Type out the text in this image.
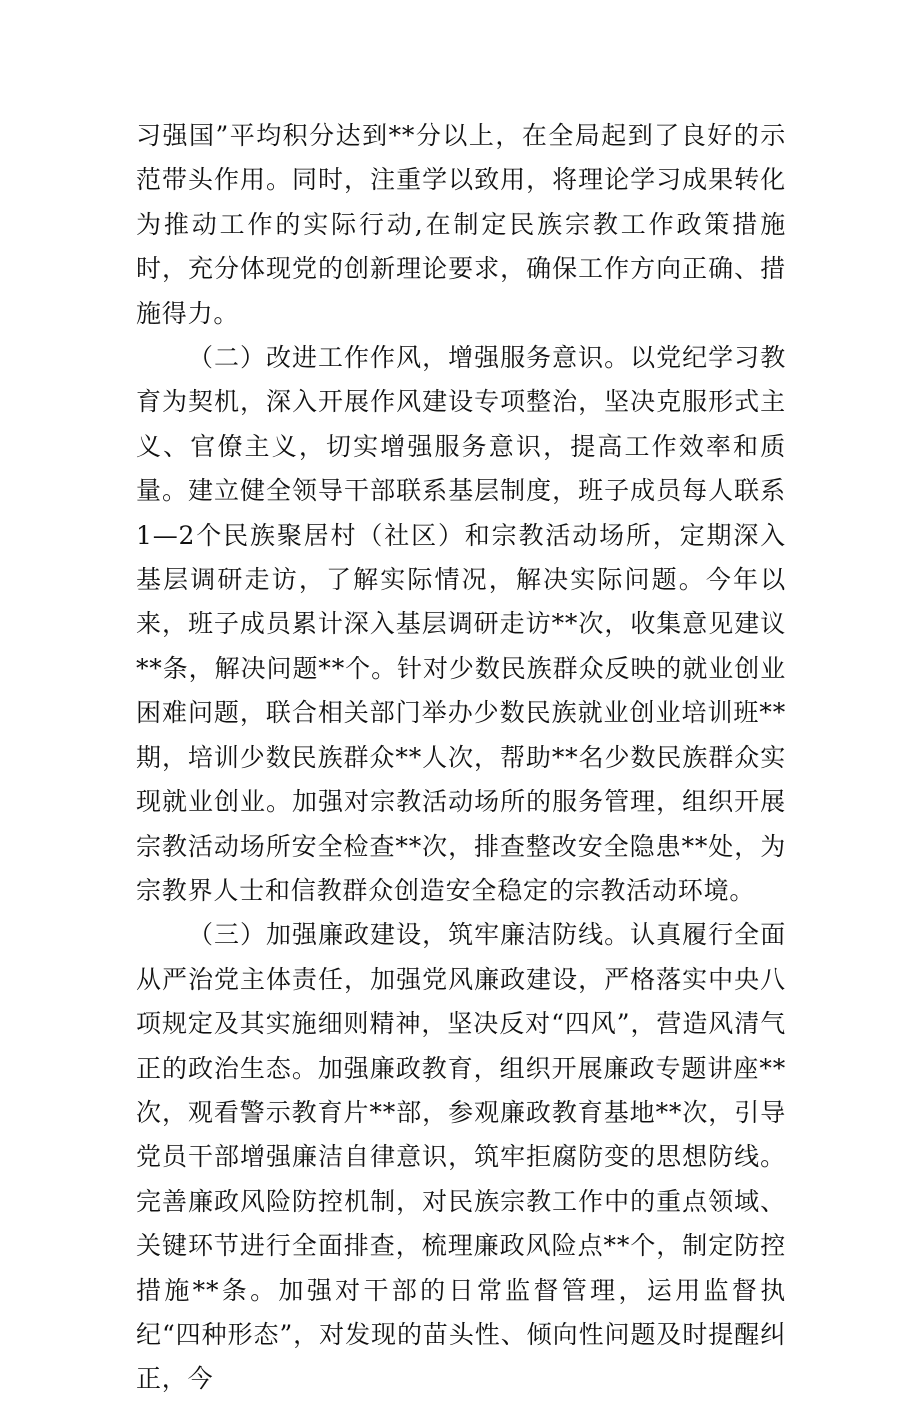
习强国”平均积分达到**分以上，在全局起到了良好的示范带头作用。同时，注重学以致用，将理论学习成果转化为推动工作的实际行动,在制定民族宗教工作政策措施时，充分体现党的创新理论要求，确保工作方向正确、措施得力。

（二）改进工作作风，增强服务意识。以党纪学习教育为契机，深入开展作风建设专项整治，坚决克服形式主义、官僚主义，切实增强服务意识，提高工作效率和质量。建立健全领导干部联系基层制度，班子成员每人联系1—2个民族聚居村（社区）和宗教活动场所，定期深入基层调研走访，了解实际情况，解决实际问题。今年以来，班子成员累计深入基层调研走访**次，收集意见建议**条，解决问题**个。针对少数民族群众反映的就业创业困难问题，联合相关部门举办少数民族就业创业培训班**期，培训少数民族群众**人次，帮助**名少数民族群众实现就业创业。加强对宗教活动场所的服务管理，组织开展宗教活动场所安全检查**次，排查整改安全隐患**处，为宗教界人士和信教群众创造安全稳定的宗教活动环境。

（三）加强廉政建设，筑牢廉洁防线。认真履行全面从严治党主体责任，加强党风廉政建设，严格落实中央八项规定及其实施细则精神，坚决反对“四风”，营造风清气正的政治生态。加强廉政教育，组织开展廉政专题讲座**次，观看警示教育片**部，参观廉政教育基地**次，引导党员干部增强廉洁自律意识，筑牢拒腐防变的思想防线。完善廉政风险防控机制，对民族宗教工作中的重点领域、关键环节进行全面排查，梳理廉政风险点**个，制定防控措施**条。加强对干部的日常监督管理，运用监督执纪“四种形态”，对发现的苗头性、倾向性问题及时提醒纠正，今
